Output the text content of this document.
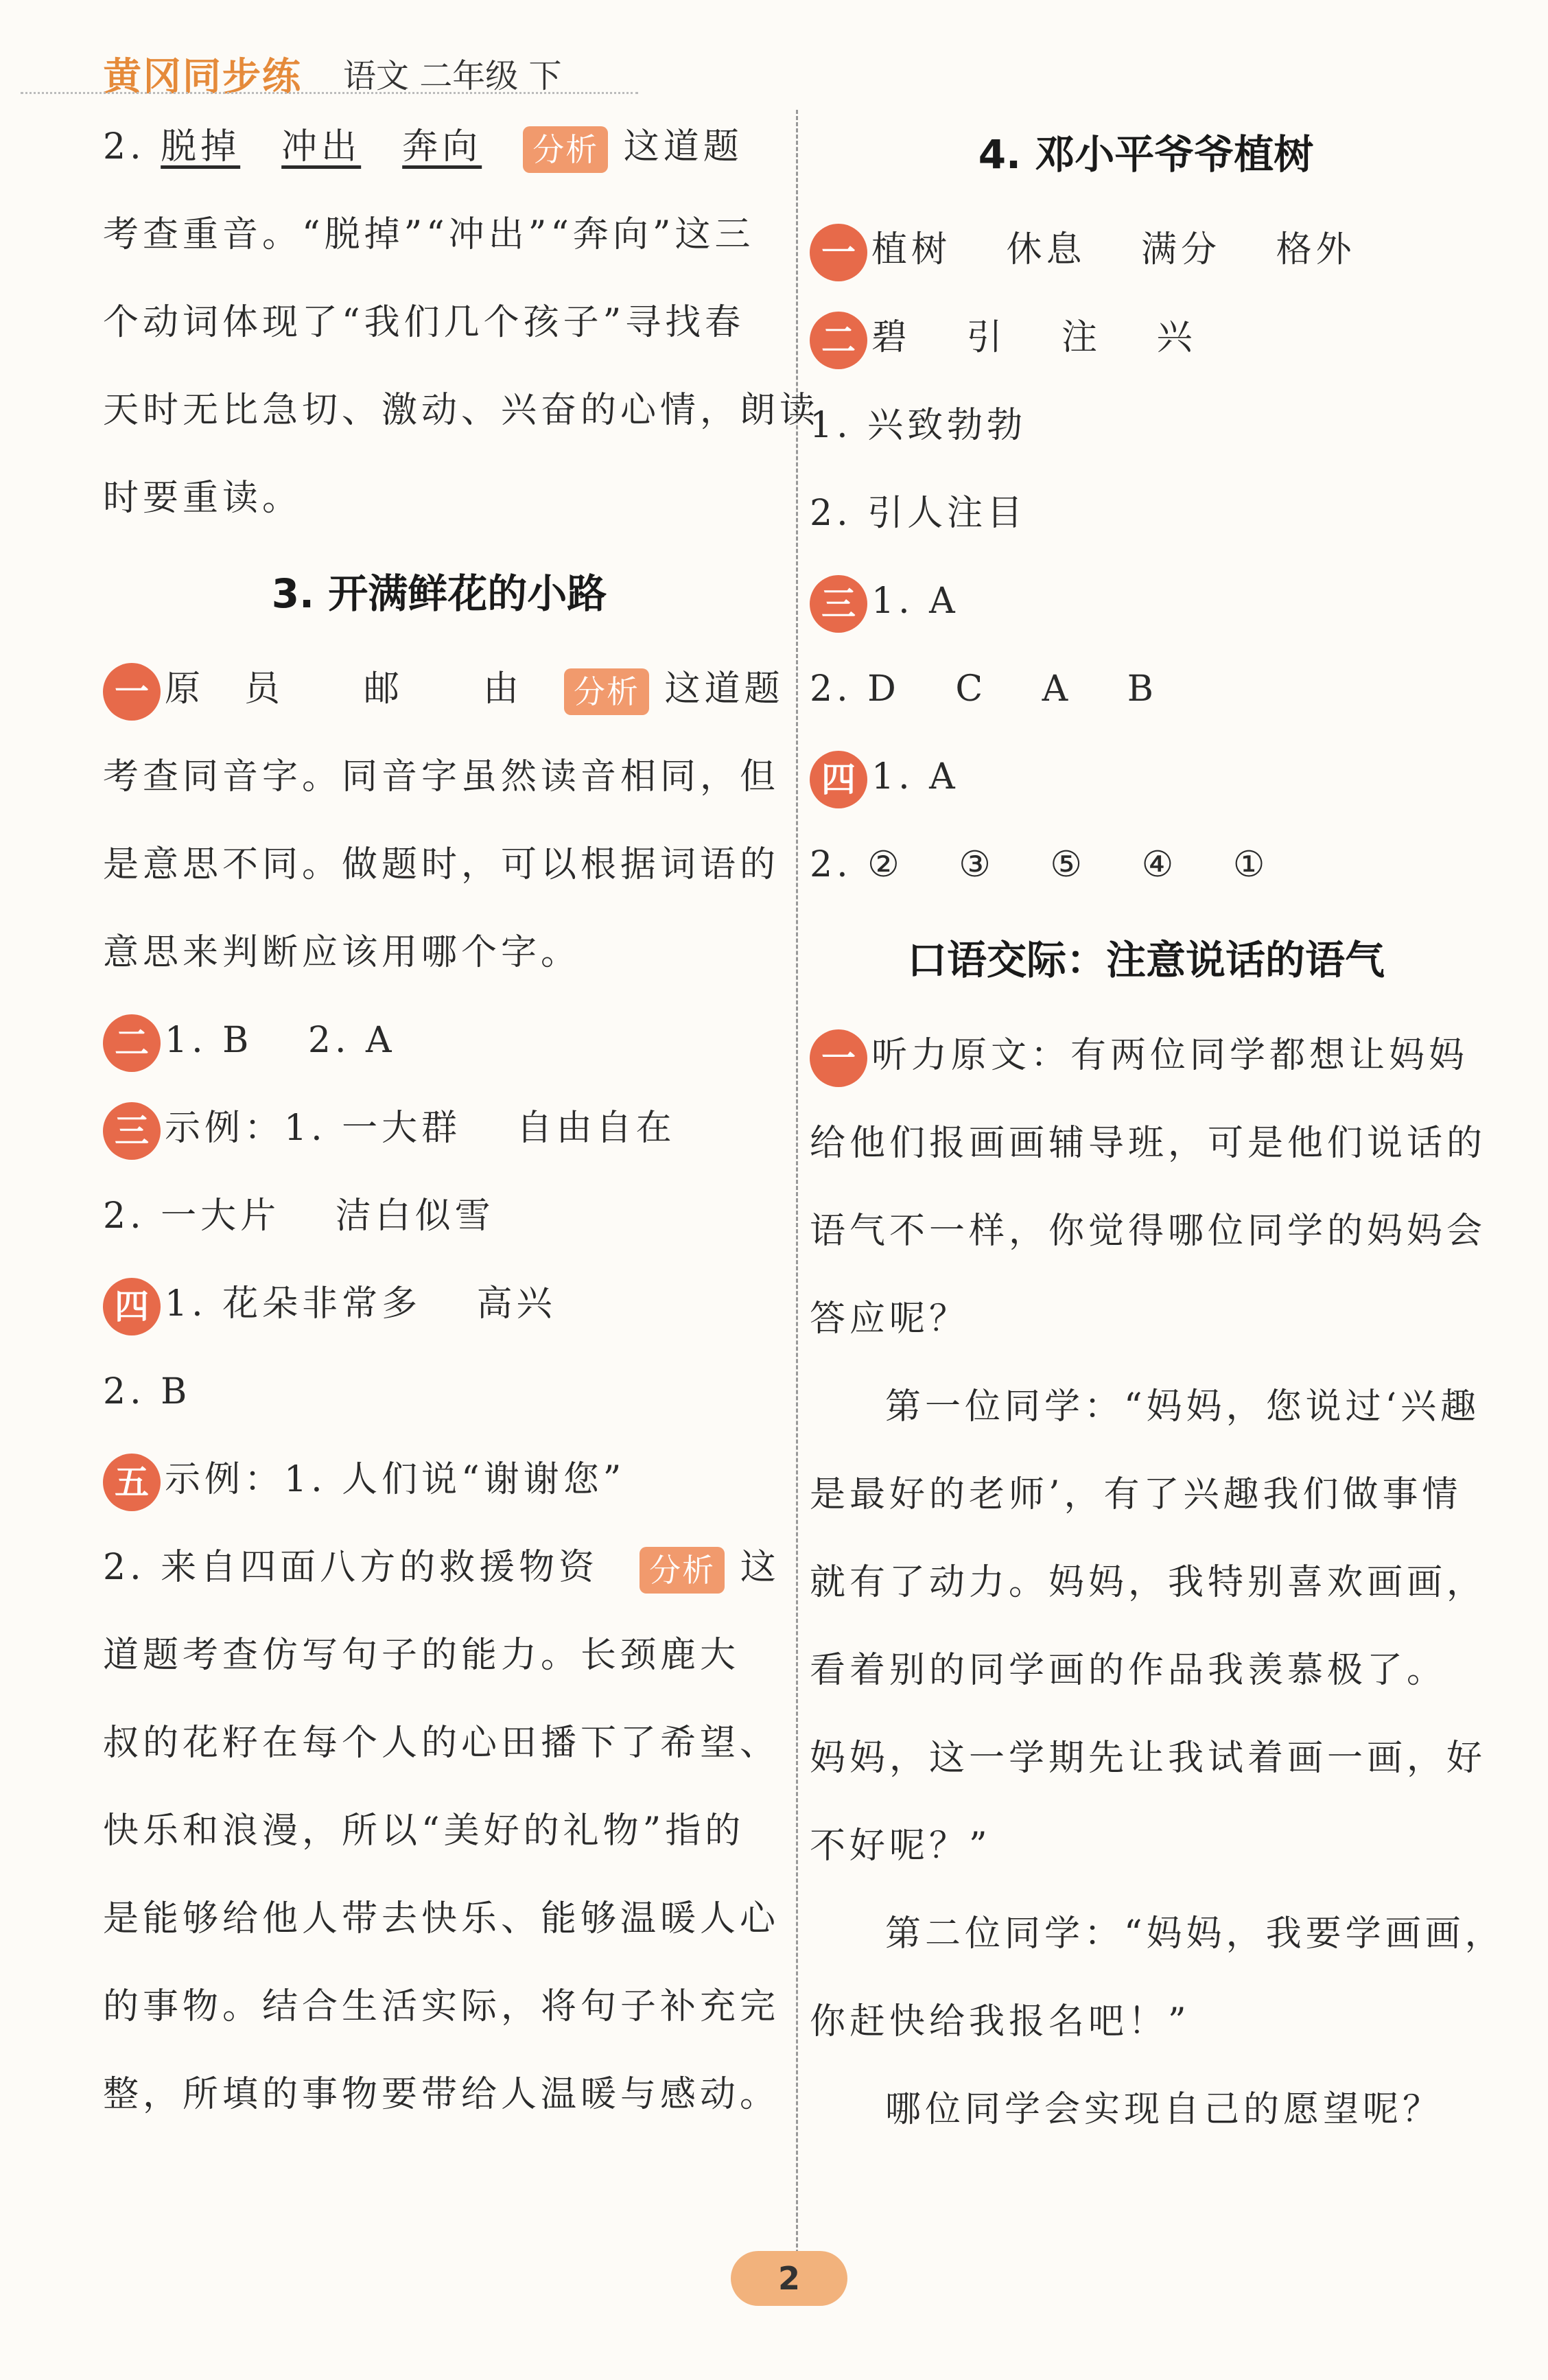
黄冈同步练 语文 二年级 下
2. 脱掉 冲出 奔向 分析 这道题
考查重音。“脱掉”“冲出”“奔向”这三
个动词体现了“我们几个孩子”寻找春
天时无比急切、激动、兴奋的心情，朗读
时要重读。
3. 开满鲜花的小路
一 原　员　　邮　　由 分析 这道题
考查同音字。同音字虽然读音相同，但
是意思不同。做题时，可以根据词语的
意思来判断应该用哪个字。
二 1. B　 2. A
三 示例：1. 一大群　 自由自在
2. 一大片　 洁白似雪
四 1. 花朵非常多　 高兴
2. B
五 示例：1. 人们说“谢谢您”
2. 来自四面八方的救援物资 分析 这
道题考查仿写句子的能力。长颈鹿大
叔的花籽在每个人的心田播下了希望、
快乐和浪漫，所以“美好的礼物”指的
是能够给他人带去快乐、能够温暖人心
的事物。结合生活实际，将句子补充完
整，所填的事物要带给人温暖与感动。
4. 邓小平爷爷植树
一 植树　 休息　 满分　 格外
二 碧　 引　 注　 兴
1. 兴致勃勃
2. 引人注目
三 1. A
2. D　 C　 A　 B
四 1. A
2. ②　 ③　 ⑤　 ④　 ①
口语交际：注意说话的语气
一 听力原文：有两位同学都想让妈妈
给他们报画画辅导班，可是他们说话的
语气不一样，你觉得哪位同学的妈妈会
答应呢？
第一位同学：“妈妈，您说过‘兴趣
是最好的老师’，有了兴趣我们做事情
就有了动力。妈妈，我特别喜欢画画，
看着别的同学画的作品我羡慕极了。
妈妈，这一学期先让我试着画一画，好
不好呢？”
第二位同学：“妈妈，我要学画画，
你赶快给我报名吧！”
哪位同学会实现自己的愿望呢？
2
